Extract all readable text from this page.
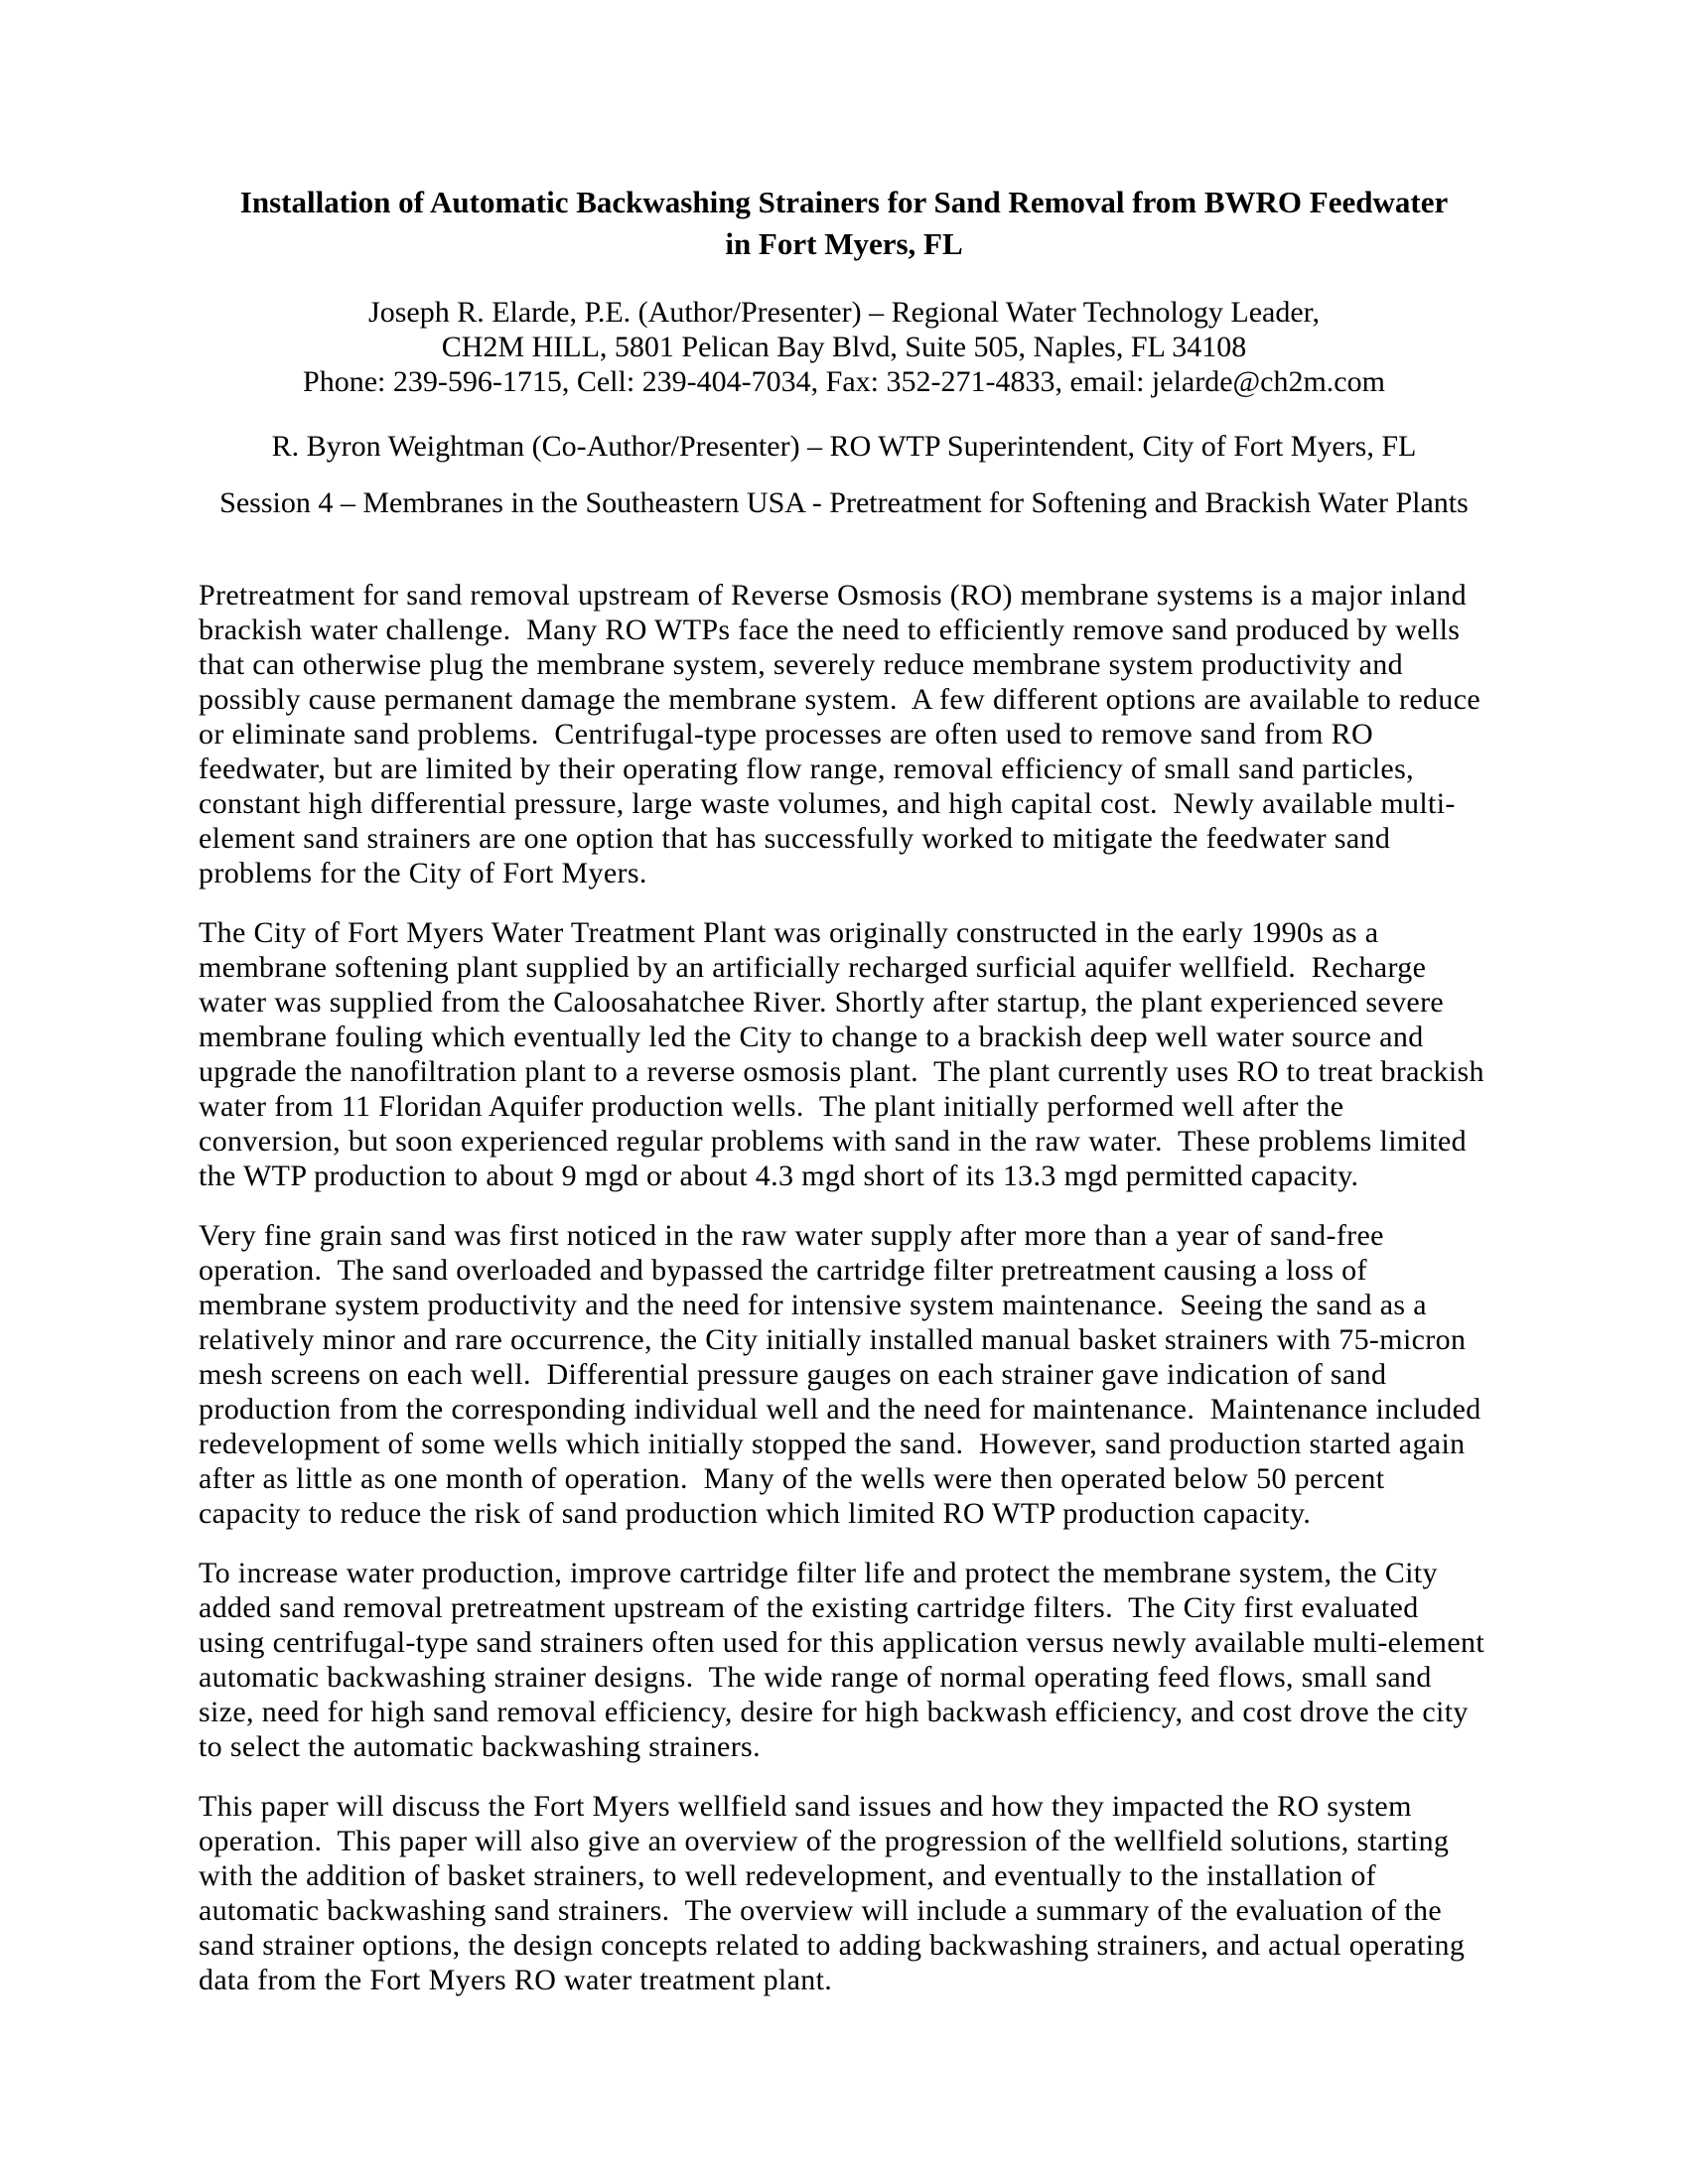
Installation of Automatic Backwashing Strainers for Sand Removal from BWRO Feedwater
in Fort Myers, FL
Joseph R. Elarde, P.E. (Author/Presenter) – Regional Water Technology Leader,
CH2M HILL, 5801 Pelican Bay Blvd, Suite 505, Naples, FL 34108
Phone: 239-596-1715, Cell: 239-404-7034, Fax: 352-271-4833, email: jelarde@ch2m.com
R. Byron Weightman (Co-Author/Presenter) – RO WTP Superintendent, City of Fort Myers, FL
Session 4 – Membranes in the Southeastern USA - Pretreatment for Softening and Brackish Water Plants

Pretreatment for sand removal upstream of Reverse Osmosis (RO) membrane systems is a major inland brackish water challenge.  Many RO WTPs face the need to efficiently remove sand produced by wells that can otherwise plug the membrane system, severely reduce membrane system productivity and possibly cause permanent damage the membrane system.  A few different options are available to reduce or eliminate sand problems.  Centrifugal-type processes are often used to remove sand from RO feedwater, but are limited by their operating flow range, removal efficiency of small sand particles, constant high differential pressure, large waste volumes, and high capital cost.  Newly available multi-element sand strainers are one option that has successfully worked to mitigate the feedwater sand problems for the City of Fort Myers.

The City of Fort Myers Water Treatment Plant was originally constructed in the early 1990s as a membrane softening plant supplied by an artificially recharged surficial aquifer wellfield.  Recharge water was supplied from the Caloosahatchee River. Shortly after startup, the plant experienced severe membrane fouling which eventually led the City to change to a brackish deep well water source and upgrade the nanofiltration plant to a reverse osmosis plant.  The plant currently uses RO to treat brackish water from 11 Floridan Aquifer production wells.  The plant initially performed well after the conversion, but soon experienced regular problems with sand in the raw water.  These problems limited the WTP production to about 9 mgd or about 4.3 mgd short of its 13.3 mgd permitted capacity.

Very fine grain sand was first noticed in the raw water supply after more than a year of sand-free operation.  The sand overloaded and bypassed the cartridge filter pretreatment causing a loss of membrane system productivity and the need for intensive system maintenance.  Seeing the sand as a relatively minor and rare occurrence, the City initially installed manual basket strainers with 75-micron mesh screens on each well.  Differential pressure gauges on each strainer gave indication of sand production from the corresponding individual well and the need for maintenance.  Maintenance included redevelopment of some wells which initially stopped the sand.  However, sand production started again after as little as one month of operation.  Many of the wells were then operated below 50 percent capacity to reduce the risk of sand production which limited RO WTP production capacity.

To increase water production, improve cartridge filter life and protect the membrane system, the City added sand removal pretreatment upstream of the existing cartridge filters.  The City first evaluated using centrifugal-type sand strainers often used for this application versus newly available multi-element automatic backwashing strainer designs.  The wide range of normal operating feed flows, small sand size, need for high sand removal efficiency, desire for high backwash efficiency, and cost drove the city to select the automatic backwashing strainers.

This paper will discuss the Fort Myers wellfield sand issues and how they impacted the RO system operation.  This paper will also give an overview of the progression of the wellfield solutions, starting with the addition of basket strainers, to well redevelopment, and eventually to the installation of automatic backwashing sand strainers.  The overview will include a summary of the evaluation of the sand strainer options, the design concepts related to adding backwashing strainers, and actual operating data from the Fort Myers RO water treatment plant.
